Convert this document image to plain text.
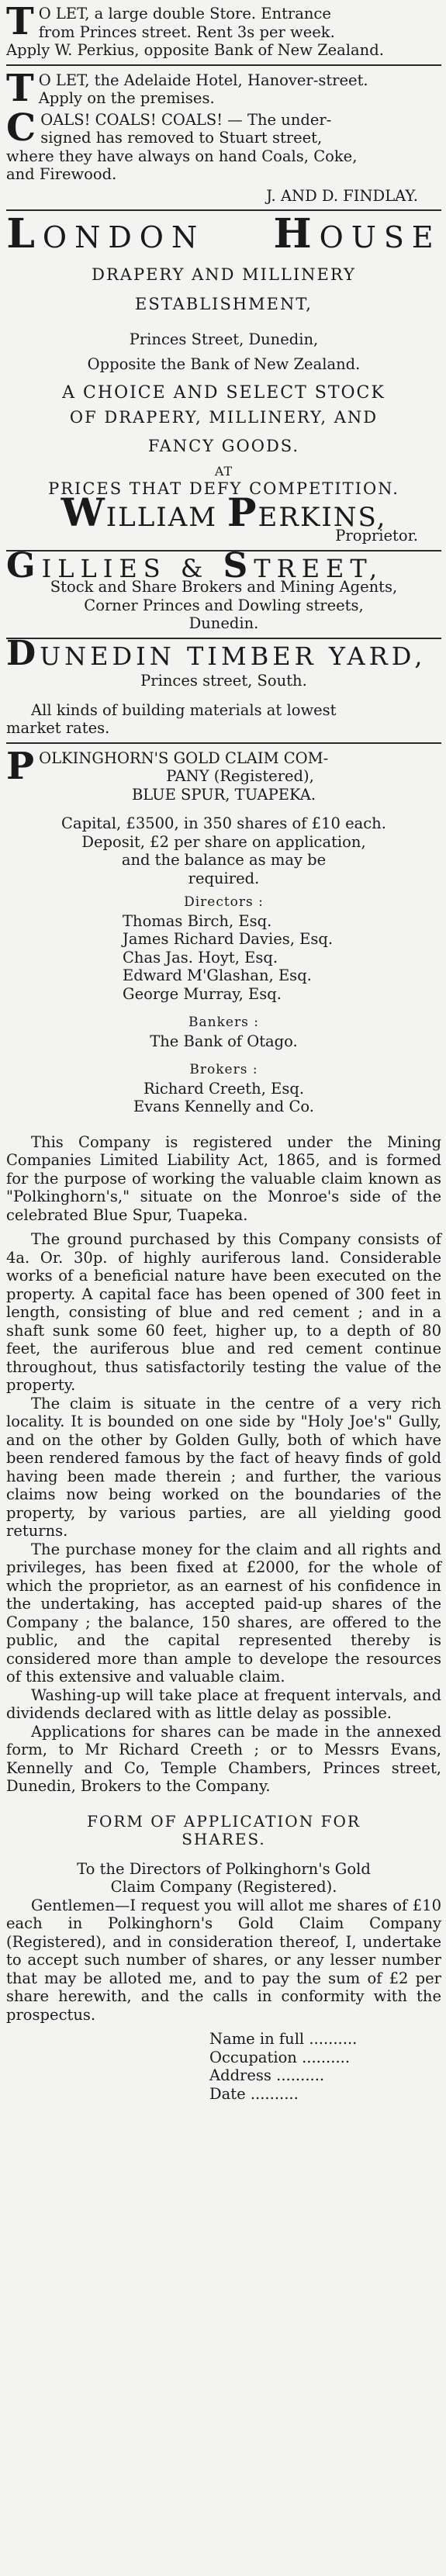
T O LET, a large double Store. Entrance

from Princes street. Rent 3s per week.

Apply W. Perkius, opposite Bank of New Zealand.

T O LET, the Adelaide Hotel, Hanover-street.

Apply on the premises.

C OALS! COALS! COALS! — The under-

signed has removed to Stuart street,

where they have always on hand Coals, Coke,

and Firewood.

J. AND D. FINDLAY.

LONDON HOUSE

DRAPERY AND MILLINERY

ESTABLISHMENT,

Princes Street, Dunedin,

Opposite the Bank of New Zealand.

A CHOICE AND SELECT STOCK

OF DRAPERY, MILLINERY, AND

FANCY GOODS.

AT

PRICES THAT DEFY COMPETITION.

WILLIAM PERKINS,

Proprietor.

GILLIES & STREET,

Stock and Share Brokers and Mining Agents,

Corner Princes and Dowling streets,

Dunedin.

DUNEDIN TIMBER YARD,

Princes street, South.

All kinds of building materials at lowest

market rates.

P OLKINGHORN'S GOLD CLAIM COM-

PANY (Registered),

BLUE SPUR, TUAPEKA.

Capital, £3500, in 350 shares of £10 each.

Deposit, £2 per share on application,

and the balance as may be

required.

Directors :

Thomas Birch, Esq.

James Richard Davies, Esq.

Chas Jas. Hoyt, Esq.

Edward M'Glashan, Esq.

George Murray, Esq.

Bankers :

The Bank of Otago.

Brokers :

Richard Creeth, Esq.

Evans Kennelly and Co.

This Company is registered under the Mining Companies Limited Liability Act, 1865, and is formed for the purpose of working the valuable claim known as "Polkinghorn's," situate on the Monroe's side of the celebrated Blue Spur, Tuapeka.

The ground purchased by this Company consists of 4a. Or. 30p. of highly auriferous land. Considerable works of a beneficial nature have been executed on the property. A capital face has been opened of 300 feet in length, consisting of blue and red cement ; and in a shaft sunk some 60 feet, higher up, to a depth of 80 feet, the auriferous blue and red cement continue throughout, thus satisfactorily testing the value of the property.

The claim is situate in the centre of a very rich locality. It is bounded on one side by "Holy Joe's" Gully, and on the other by Golden Gully, both of which have been rendered famous by the fact of heavy finds of gold having been made therein ; and further, the various claims now being worked on the boundaries of the property, by various parties, are all yielding good returns.

The purchase money for the claim and all rights and privileges, has been fixed at £2000, for the whole of which the proprietor, as an earnest of his confidence in the undertaking, has accepted paid-up shares of the Company ; the balance, 150 shares, are offered to the public, and the capital represented thereby is considered more than ample to develope the resources of this extensive and valuable claim.

Washing-up will take place at frequent intervals, and dividends declared with as little delay as possible.

Applications for shares can be made in the annexed form, to Mr Richard Creeth ; or to Messrs Evans, Kennelly and Co, Temple Chambers, Princes street, Dunedin, Brokers to the Company.

FORM OF APPLICATION FOR

SHARES.

To the Directors of Polkinghorn's Gold

Claim Company (Registered).

Gentlemen—I request you will allot me shares of £10 each in Polkinghorn's Gold Claim Company (Registered), and in consideration thereof, I, undertake to accept such number of shares, or any lesser number that may be alloted me, and to pay the sum of £2 per share herewith, and the calls in conformity with the prospectus.

Name in full ..........

Occupation ..........

Address ..........

Date ..........
